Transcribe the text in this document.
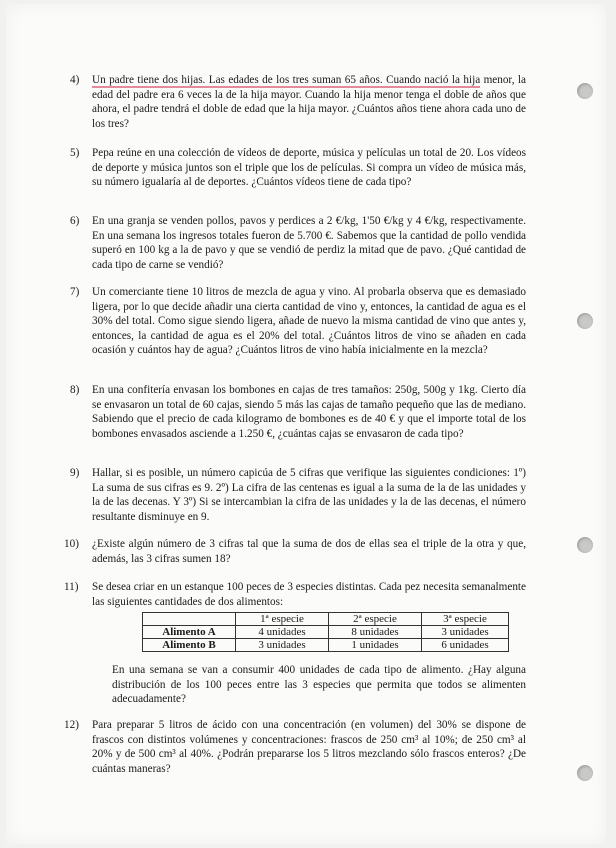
4) Un padre tiene dos hijas. Las edades de los tres suman 65 años. Cuando nació la hija menor, la edad del padre era 6 veces la de la hija mayor. Cuando la hija menor tenga el doble de años que ahora, el padre tendrá el doble de edad que la hija mayor. ¿Cuántos años tiene ahora cada uno de los tres?

5) Pepa reúne en una colección de vídeos de deporte, música y películas un total de 20. Los vídeos de deporte y música juntos son el triple que los de películas. Si compra un vídeo de música más, su número igualaría al de deportes. ¿Cuántos vídeos tiene de cada tipo?

6) En una granja se venden pollos, pavos y perdices a 2 €/kg, 1'50 €/kg y 4 €/kg, respectivamente. En una semana los ingresos totales fueron de 5.700 €. Sabemos que la cantidad de pollo vendida superó en 100 kg a la de pavo y que se vendió de perdiz la mitad que de pavo. ¿Qué cantidad de cada tipo de carne se vendió?

7) Un comerciante tiene 10 litros de mezcla de agua y vino. Al probarla observa que es demasiado ligera, por lo que decide añadir una cierta cantidad de vino y, entonces, la cantidad de agua es el 30% del total. Como sigue siendo ligera, añade de nuevo la misma cantidad de vino que antes y, entonces, la cantidad de agua es el 20% del total. ¿Cuántos litros de vino se añaden en cada ocasión y cuántos hay de agua? ¿Cuántos litros de vino había inicialmente en la mezcla?

8) En una confitería envasan los bombones en cajas de tres tamaños: 250g, 500g y 1kg. Cierto día se envasaron un total de 60 cajas, siendo 5 más las cajas de tamaño pequeño que las de mediano. Sabiendo que el precio de cada kilogramo de bombones es de 40 € y que el importe total de los bombones envasados asciende a 1.250 €, ¿cuántas cajas se envasaron de cada tipo?

9) Hallar, si es posible, un número capicúa de 5 cifras que verifique las siguientes condiciones: 1º) La suma de sus cifras es 9. 2º) La cifra de las centenas es igual a la suma de la de las unidades y la de las decenas. Y 3º) Si se intercambian la cifra de las unidades y la de las decenas, el número resultante disminuye en 9.

10) ¿Existe algún número de 3 cifras tal que la suma de dos de ellas sea el triple de la otra y que, además, las 3 cifras sumen 18?

11) Se desea criar en un estanque 100 peces de 3 especies distintas. Cada pez necesita semanalmente las siguientes cantidades de dos alimentos:

	1ª especie	2ª especie	3ª especie
Alimento A	4 unidades	8 unidades	3 unidades
Alimento B	3 unidades	1 unidades	6 unidades

En una semana se van a consumir 400 unidades de cada tipo de alimento. ¿Hay alguna distribución de los 100 peces entre las 3 especies que permita que todos se alimenten adecuadamente?

12) Para preparar 5 litros de ácido con una concentración (en volumen) del 30% se dispone de frascos con distintos volúmenes y concentraciones: frascos de 250 cm³ al 10%; de 250 cm³ al 20% y de 500 cm³ al 40%. ¿Podrán prepararse los 5 litros mezclando sólo frascos enteros? ¿De cuántas maneras?
